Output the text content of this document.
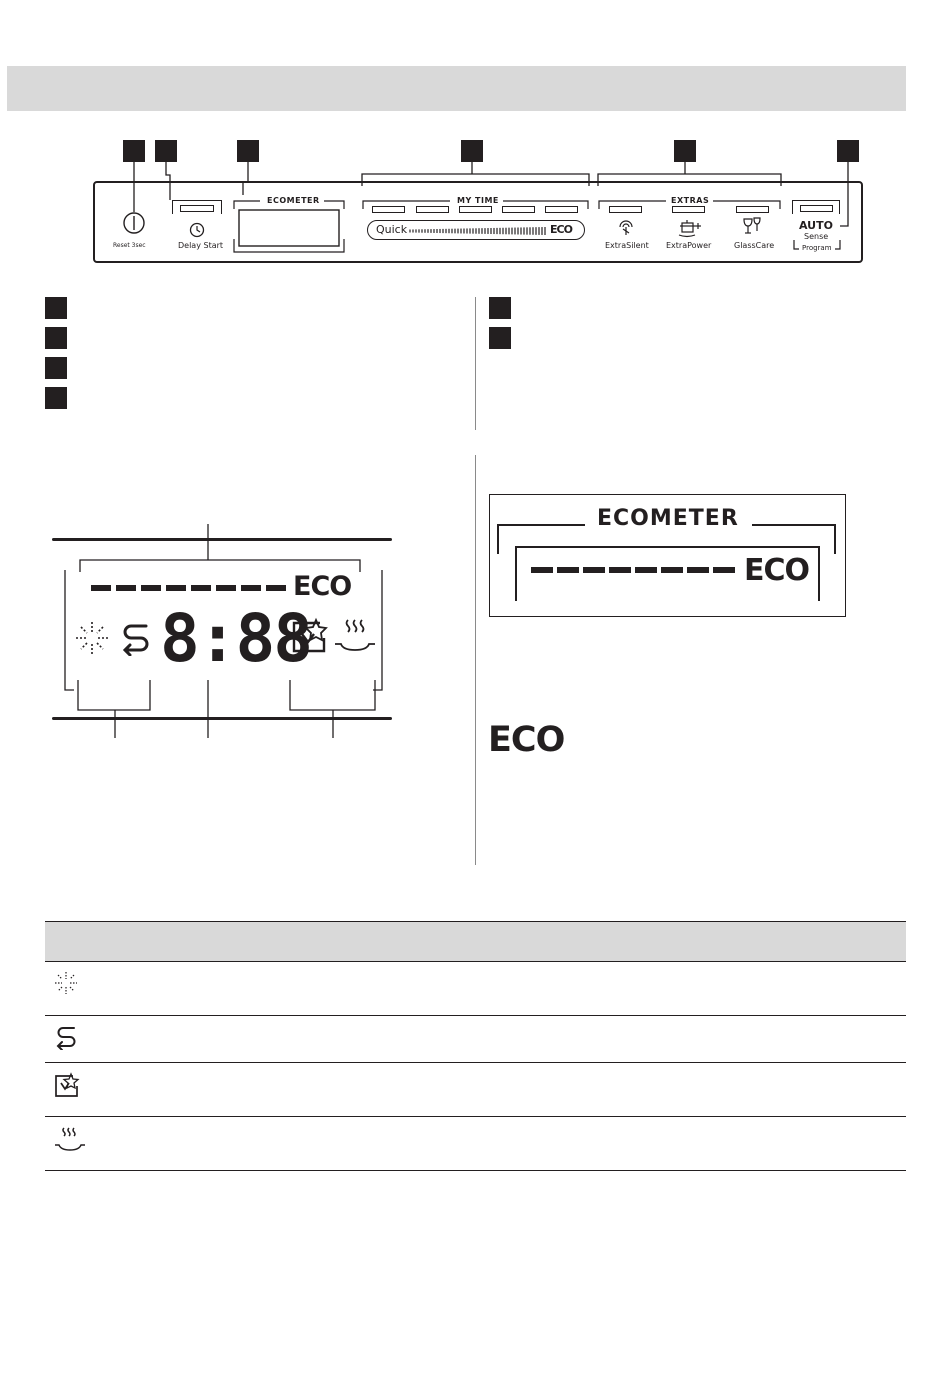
Reset 3sec	Delay Start
ECOMETER	MY TIME
Quick	ECO
EXTRAS
ExtraSilent ExtraPower	GlassCare
AUTO
Sense
Program
ECO
8:88
ECOMETER
ECO
ECO
